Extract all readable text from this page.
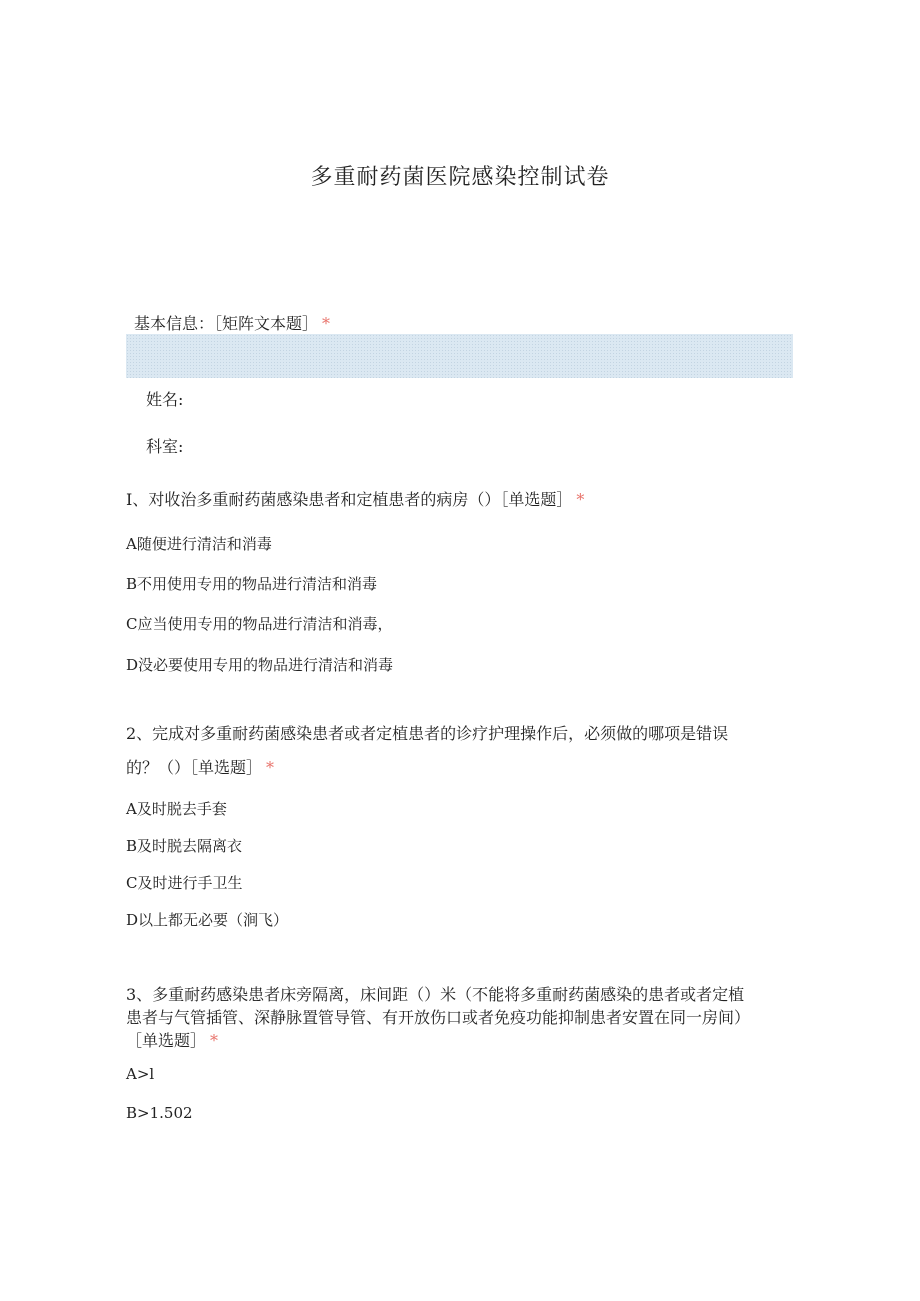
多重耐药菌医院感染控制试卷
基本信息：［矩阵文本题］ *
姓名:
科室:
I、对收治多重耐药菌感染患者和定植患者的病房（）［单选题］ *
A随便进行清洁和消毒
B不用使用专用的物品进行清洁和消毒
C应当使用专用的物品进行清洁和消毒，
D没必要使用专用的物品进行清洁和消毒
2、完成对多重耐药菌感染患者或者定植患者的诊疗护理操作后，必须做的哪项是错误
的？（）［单选题］ *
A及时脱去手套
B及时脱去隔离衣
C及时进行手卫生
D以上都无必要（涧飞）
3、多重耐药感染患者床旁隔离，床间距（）米（不能将多重耐药菌感染的患者或者定植
患者与气管插管、深静脉置管导管、有开放伤口或者免疫功能抑制患者安置在同一房间）
［单选题］ *
A>l
B>1.502
